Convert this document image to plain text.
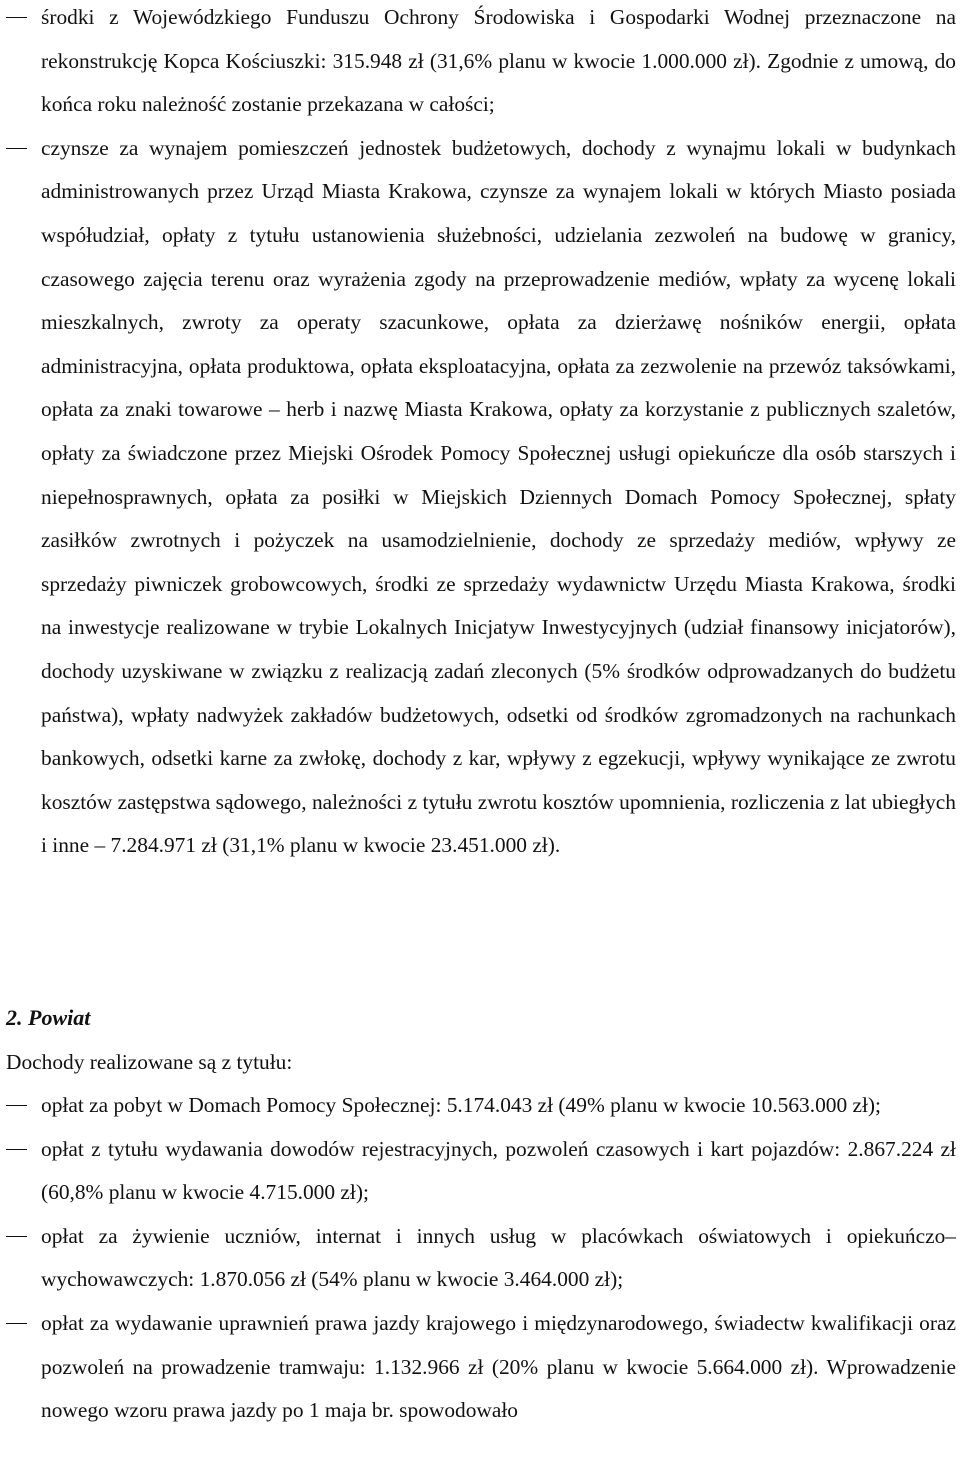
środki z Wojewódzkiego Funduszu Ochrony Środowiska i Gospodarki Wodnej przeznaczone na rekonstrukcję Kopca Kościuszki: 315.948 zł (31,6% planu w kwocie 1.000.000 zł). Zgodnie z umową, do końca roku należność zostanie przekazana w całości;
czynsze za wynajem pomieszczeń jednostek budżetowych, dochody z wynajmu lokali w budynkach administrowanych przez Urząd Miasta Krakowa, czynsze za wynajem lokali w których Miasto posiada współudział, opłaty z tytułu ustanowienia służebności, udzielania zezwoleń na budowę w granicy, czasowego zajęcia terenu oraz wyrażenia zgody na przeprowadzenie mediów, wpłaty za wycenę lokali mieszkalnych, zwroty za operaty szacunkowe, opłata za dzierżawę nośników energii, opłata administracyjna, opłata produktowa, opłata eksploatacyjna, opłata za zezwolenie na przewóz taksówkami, opłata za znaki towarowe – herb i nazwę Miasta Krakowa, opłaty za korzystanie z publicznych szaletów, opłaty za świadczone przez Miejski Ośrodek Pomocy Społecznej usługi opiekuńcze dla osób starszych i niepełnosprawnych, opłata za posiłki w Miejskich Dziennych Domach Pomocy Społecznej, spłaty zasiłków zwrotnych i pożyczek na usamodzielnienie, dochody ze sprzedaży mediów, wpływy ze sprzedaży piwniczek grobowcowych, środki ze sprzedaży wydawnictw Urzędu Miasta Krakowa, środki na inwestycje realizowane w trybie Lokalnych Inicjatyw Inwestycyjnych (udział finansowy inicjatorów), dochody uzyskiwane w związku z realizacją zadań zleconych (5% środków odprowadzanych do budżetu państwa), wpłaty nadwyżek zakładów budżetowych, odsetki od środków zgromadzonych na rachunkach bankowych, odsetki karne za zwłokę, dochody z kar, wpływy z egzekucji, wpływy wynikające ze zwrotu kosztów zastępstwa sądowego, należności z tytułu zwrotu kosztów upomnienia, rozliczenia z lat ubiegłych i inne – 7.284.971 zł (31,1% planu w kwocie 23.451.000 zł).
2. Powiat

Dochody realizowane są z tytułu:

opłat za pobyt w Domach Pomocy Społecznej: 5.174.043 zł (49% planu w kwocie 10.563.000 zł);
opłat z tytułu wydawania dowodów rejestracyjnych, pozwoleń czasowych i kart pojazdów: 2.867.224 zł (60,8% planu w kwocie 4.715.000 zł);
opłat za żywienie uczniów, internat i innych usług w placówkach oświatowych i opiekuńczo–wychowawczych: 1.870.056 zł (54% planu w kwocie 3.464.000 zł);
opłat za wydawanie uprawnień prawa jazdy krajowego i międzynarodowego, świadectw kwalifikacji oraz pozwoleń na prowadzenie tramwaju: 1.132.966 zł (20% planu w kwocie 5.664.000 zł). Wprowadzenie nowego wzoru prawa jazdy po 1 maja br. spowodowało
